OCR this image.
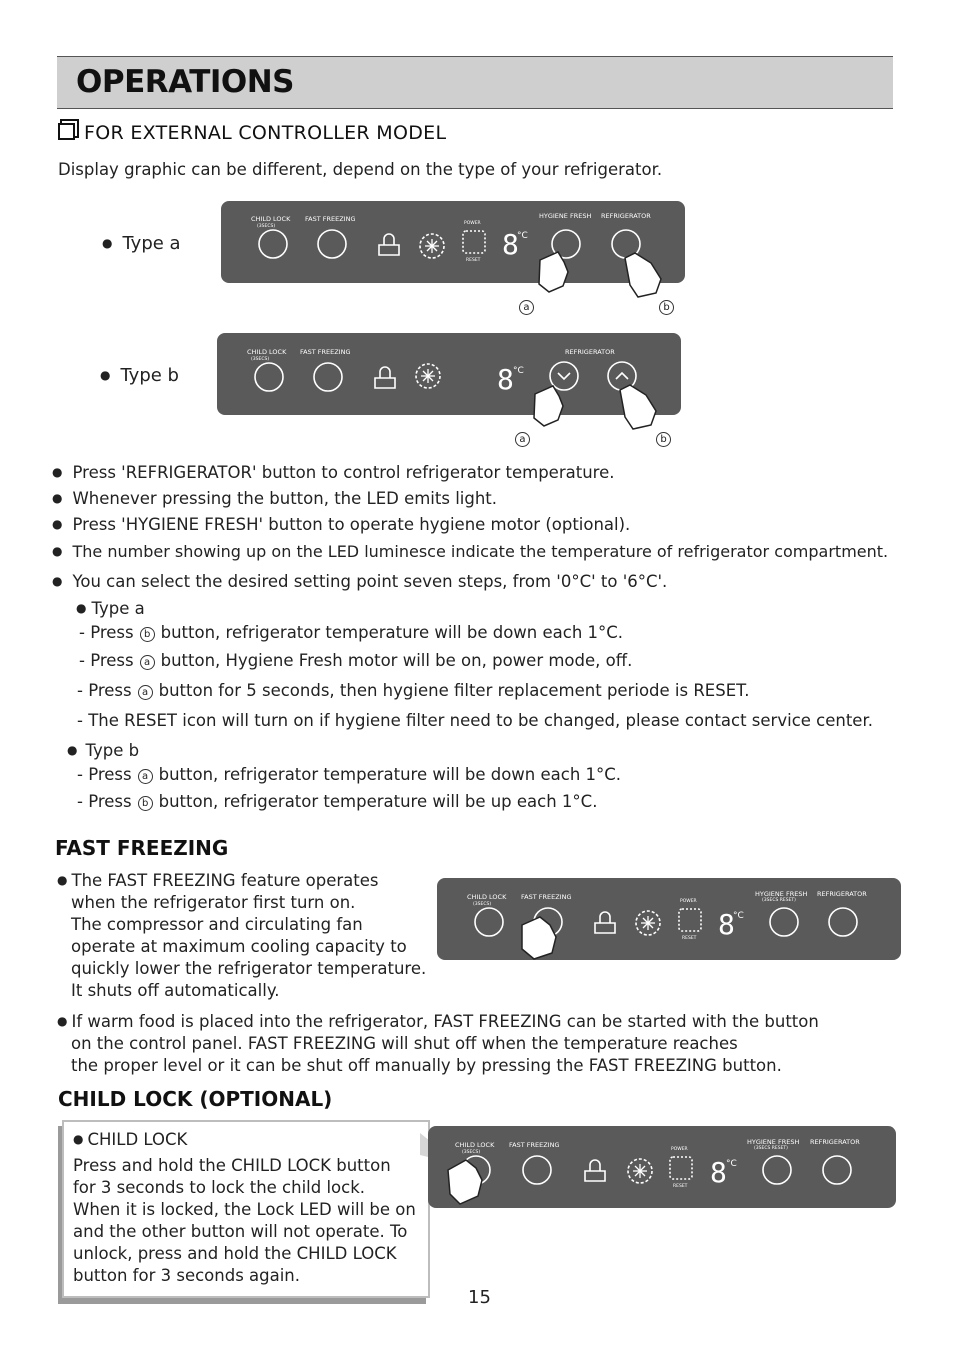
OPERATIONS
FOR EXTERNAL CONTROLLER MODEL
Display graphic can be different, depend on the type of your refrigerator.
● Type a
● Type b
CHILD LOCK
(3SECS)
FAST FREEZING
POWER
RESET
HYGIENE FRESH REFRIGERATOR
8
°C
a	b
CHILD LOCK
(3SECS)
FAST FREEZING	REFRIGERATOR
8 °C
a	b
● Press 'REFRIGERATOR' button to control refrigerator temperature.
● Whenever pressing the button, the LED emits light.
● Press 'HYGIENE FRESH' button to operate hygiene motor (optional).
● The number showing up on the LED luminesce indicate the temperature of refrigerator compartment.
● You can select the desired setting point seven steps, from '0°C' to '6°C'.
● Type a
- Press b button, refrigerator temperature will be down each 1°C.
- Press a button, Hygiene Fresh motor will be on, power mode, off.
- Press a button for 5 seconds, then hygiene filter replacement periode is RESET.
- The RESET icon will turn on if hygiene filter need to be changed, please contact service center.
● Type b
- Press a button, refrigerator temperature will be down each 1°C.
- Press b button, refrigerator temperature will be up each 1°C.
FAST FREEZING
● The FAST FREEZING feature operates
when the refrigerator first turn on.
The compressor and circulating fan
operate at maximum cooling capacity to
quickly lower the refrigerator temperature.
It shuts off automatically.
CHILD LOCK
(3SECS)
FAST FREEZING
POWER
RESET
HYGIENE FRESH
(3SECS RESET)
REFRIGERATOR
8
°C
● If warm food is placed into the refrigerator, FAST FREEZING can be started with the button
on the control panel. FAST FREEZING will shut off when the temperature reaches
the proper level or it can be shut off manually by pressing the FAST FREEZING button.
CHILD LOCK (OPTIONAL)
● CHILD LOCK
Press and hold the CHILD LOCK button
for 3 seconds to lock the child lock.
When it is locked, the Lock LED will be on
and the other button will not operate. To
unlock, press and hold the CHILD LOCK
button for 3 seconds again.
CHILD LOCK
(3SECS)
FAST FREEZING
POWER
RESET
HYGIENE FRESH
(3SECS RESET)
REFRIGERATOR
8 °C
15
